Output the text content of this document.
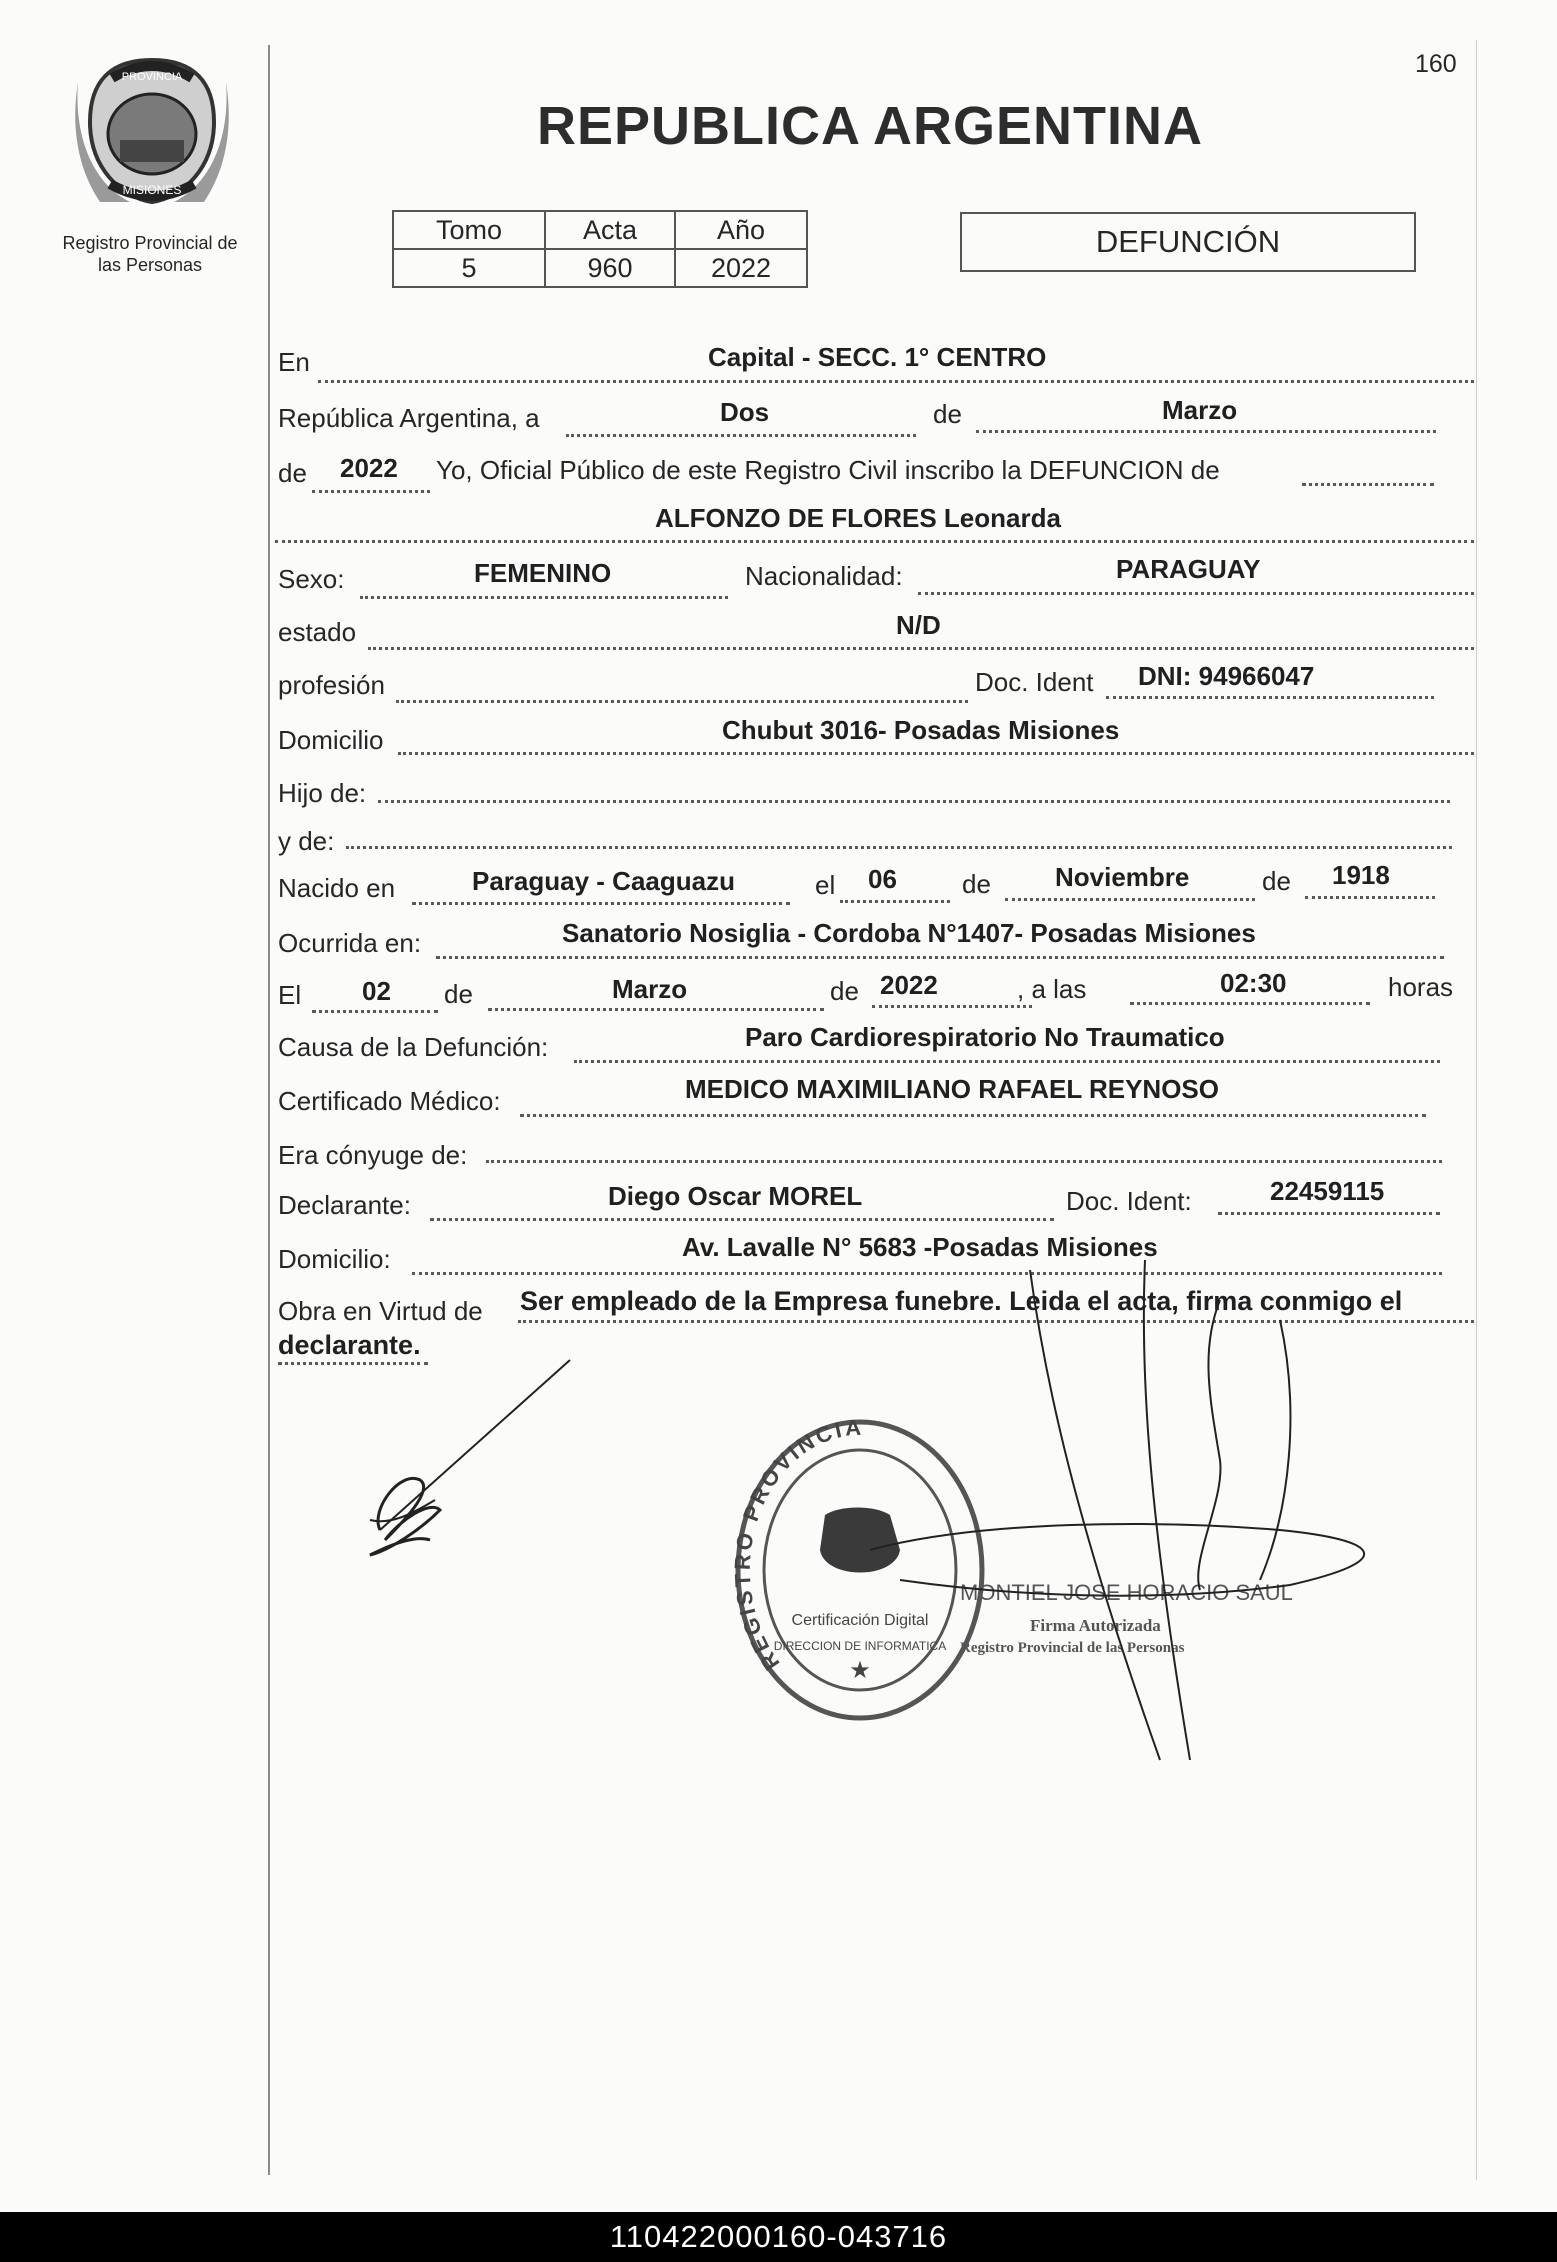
PROVINCIA
MISIONES
Registro Provincial de
las Personas
160
REPUBLICA ARGENTINA
Tomo	Acta	Año
5	960	2022
DEFUNCIÓN
En	Capital - SECC. 1° CENTRO
República Argentina, a	Dos	de	Marzo
de 2022 Yo, Oficial Público de este Registro Civil inscribo la DEFUNCION de
ALFONZO DE FLORES Leonarda
Sexo:	FEMENINO	Nacionalidad:	PARAGUAY
estado	N/D
profesión	Doc. Ident DNI: 94966047
Domicilio	Chubut 3016- Posadas Misiones
Hijo de:
y de:
Nacido en	Paraguay - Caaguazu	el 06	de Noviembre	de 1918
Ocurrida en:	Sanatorio Nosiglia - Cordoba N°1407- Posadas Misiones
El 02 de	Marzo	de 2022	, a las	02:30	horas
Causa de la Defunción:	Paro Cardiorespiratorio No Traumatico
Certificado Médico:	MEDICO MAXIMILIANO RAFAEL REYNOSO
Era cónyuge de:
Declarante:	Diego Oscar MOREL	Doc. Ident:	22459115
Domicilio:	Av. Lavalle N° 5683 -Posadas Misiones
Obra en Virtud de Ser empleado de la Empresa funebre. Leida el acta, firma conmigo el
declarante.
REGISTRO PROVINCIAL DE LAS PERSONAS
Certificación Digital
DIRECCION DE INFORMATICA
★
MONTIEL JOSE HORACIO SAUL
Firma Autorizada
Registro Provincial de las Personas
110422000160-043716
